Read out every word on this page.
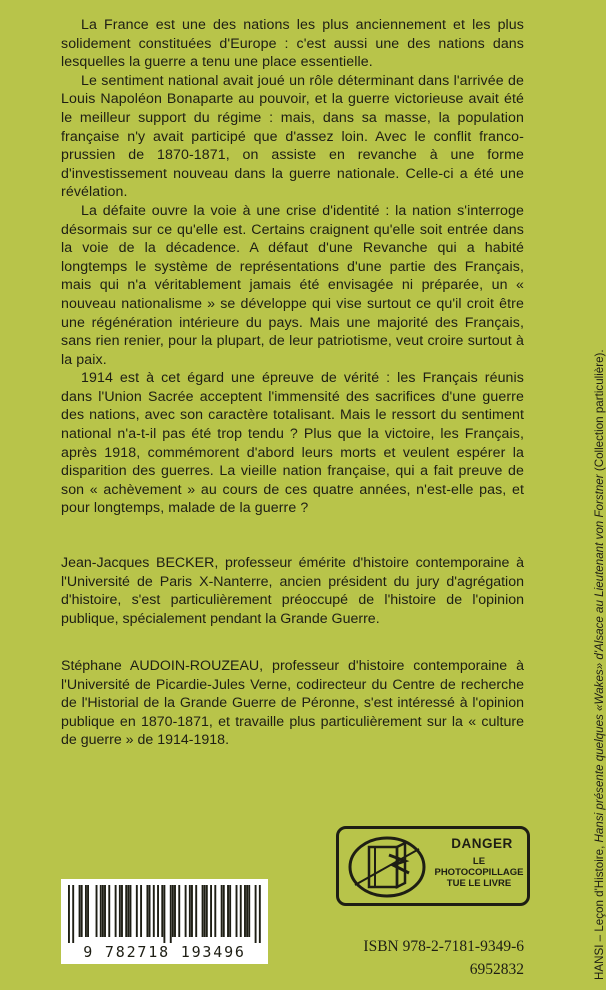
La France est une des nations les plus anciennement et les plus solidement constituées d'Europe : c'est aussi une des nations dans lesquelles la guerre a tenu une place essentielle.

Le sentiment national avait joué un rôle déterminant dans l'arrivée de Louis Napoléon Bonaparte au pouvoir, et la guerre victorieuse avait été le meilleur support du régime : mais, dans sa masse, la population française n'y avait participé que d'assez loin. Avec le conflit franco-prussien de 1870-1871, on assiste en revanche à une forme d'investissement nouveau dans la guerre nationale. Celle-ci a été une révélation.

La défaite ouvre la voie à une crise d'identité : la nation s'interroge désormais sur ce qu'elle est. Certains craignent qu'elle soit entrée dans la voie de la décadence. A défaut d'une Revanche qui a habité longtemps le système de représentations d'une partie des Français, mais qui n'a véritablement jamais été envisagée ni préparée, un « nouveau nationalisme » se développe qui vise surtout ce qu'il croit être une régénération intérieure du pays. Mais une majorité des Français, sans rien renier, pour la plupart, de leur patriotisme, veut croire surtout à la paix.

1914 est à cet égard une épreuve de vérité : les Français réunis dans l'Union Sacrée acceptent l'immensité des sacrifices d'une guerre des nations, avec son caractère totalisant. Mais le ressort du sentiment national n'a-t-il pas été trop tendu ? Plus que la victoire, les Français, après 1918, commémorent d'abord leurs morts et veulent espérer la disparition des guerres. La vieille nation française, qui a fait preuve de son « achèvement » au cours de ces quatre années, n'est-elle pas, et pour longtemps, malade de la guerre ?

Jean-Jacques BECKER, professeur émérite d'histoire contemporaine à l'Université de Paris X-Nanterre, ancien président du jury d'agrégation d'histoire, s'est particulièrement préoccupé de l'histoire de l'opinion publique, spécialement pendant la Grande Guerre.

Stéphane AUDOIN-ROUZEAU, professeur d'histoire contemporaine à l'Université de Picardie-Jules Verne, codirecteur du Centre de recherche de l'Historial de la Grande Guerre de Péronne, s'est intéressé à l'opinion publique en 1870-1871, et travaille plus particulièrement sur la « culture de guerre » de 1914-1918.

HANSI – Leçon d'Histoire, Hansi présente quelques «Wakes» d'Alsace au Lieutenant von Forstner (Collection particulière).
DANGER
LE
PHOTOCOPILLAGE
TUE LE LIVRE
9 782718 193496	ISBN 978-2-7181-9349-6
6952832
